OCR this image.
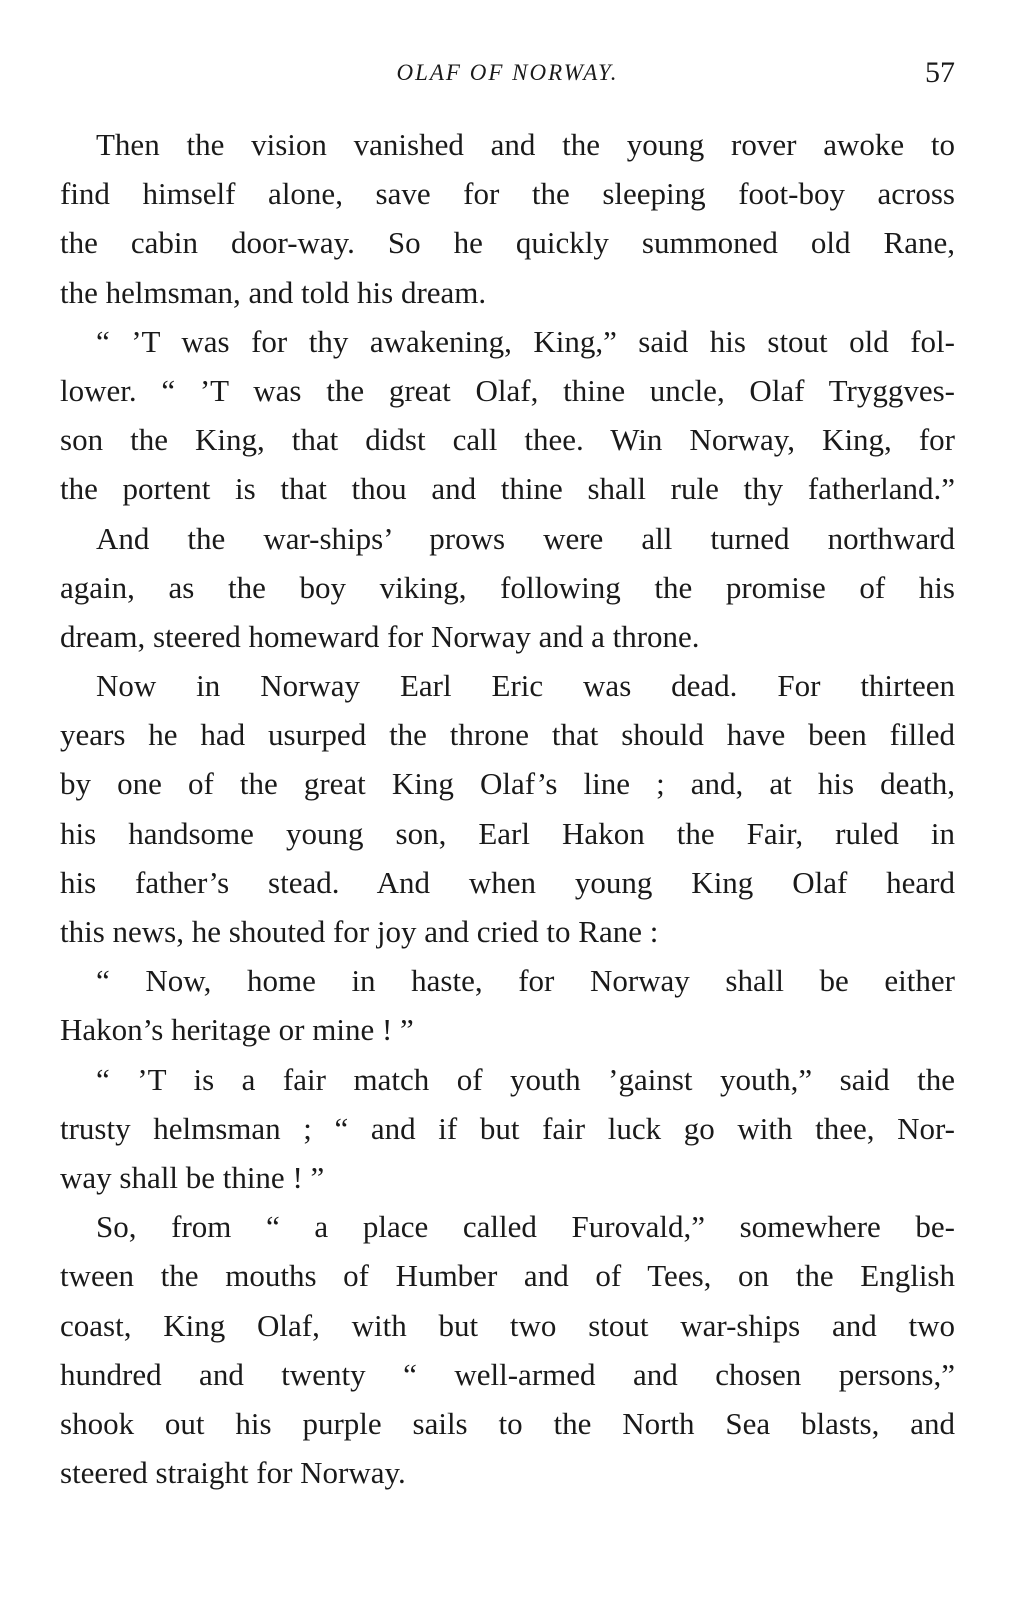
OLAF OF NORWAY.	57

Then the vision vanished and the young rover awoke to
find himself alone, save for the sleeping foot-boy across
the cabin door-way. So he quickly summoned old Rane,
the helmsman, and told his dream.

“ ’T was for thy awakening, King,” said his stout old fol-
lower. “ ’T was the great Olaf, thine uncle, Olaf Tryggves-
son the King, that didst call thee. Win Norway, King, for
the portent is that thou and thine shall rule thy fatherland.”

And the war-ships’ prows were all turned northward
again, as the boy viking, following the promise of his
dream, steered homeward for Norway and a throne.

Now in Norway Earl Eric was dead. For thirteen
years he had usurped the throne that should have been filled
by one of the great King Olaf’s line ; and, at his death,
his handsome young son, Earl Hakon the Fair, ruled in
his father’s stead. And when young King Olaf heard
this news, he shouted for joy and cried to Rane :

“ Now, home in haste, for Norway shall be either
Hakon’s heritage or mine ! ”

“ ’T is a fair match of youth ’gainst youth,” said the
trusty helmsman ; “ and if but fair luck go with thee, Nor-
way shall be thine ! ”

So, from “ a place called Furovald,” somewhere be-
tween the mouths of Humber and of Tees, on the English
coast, King Olaf, with but two stout war-ships and two
hundred and twenty “ well-armed and chosen persons,”
shook out his purple sails to the North Sea blasts, and
steered straight for Norway.
